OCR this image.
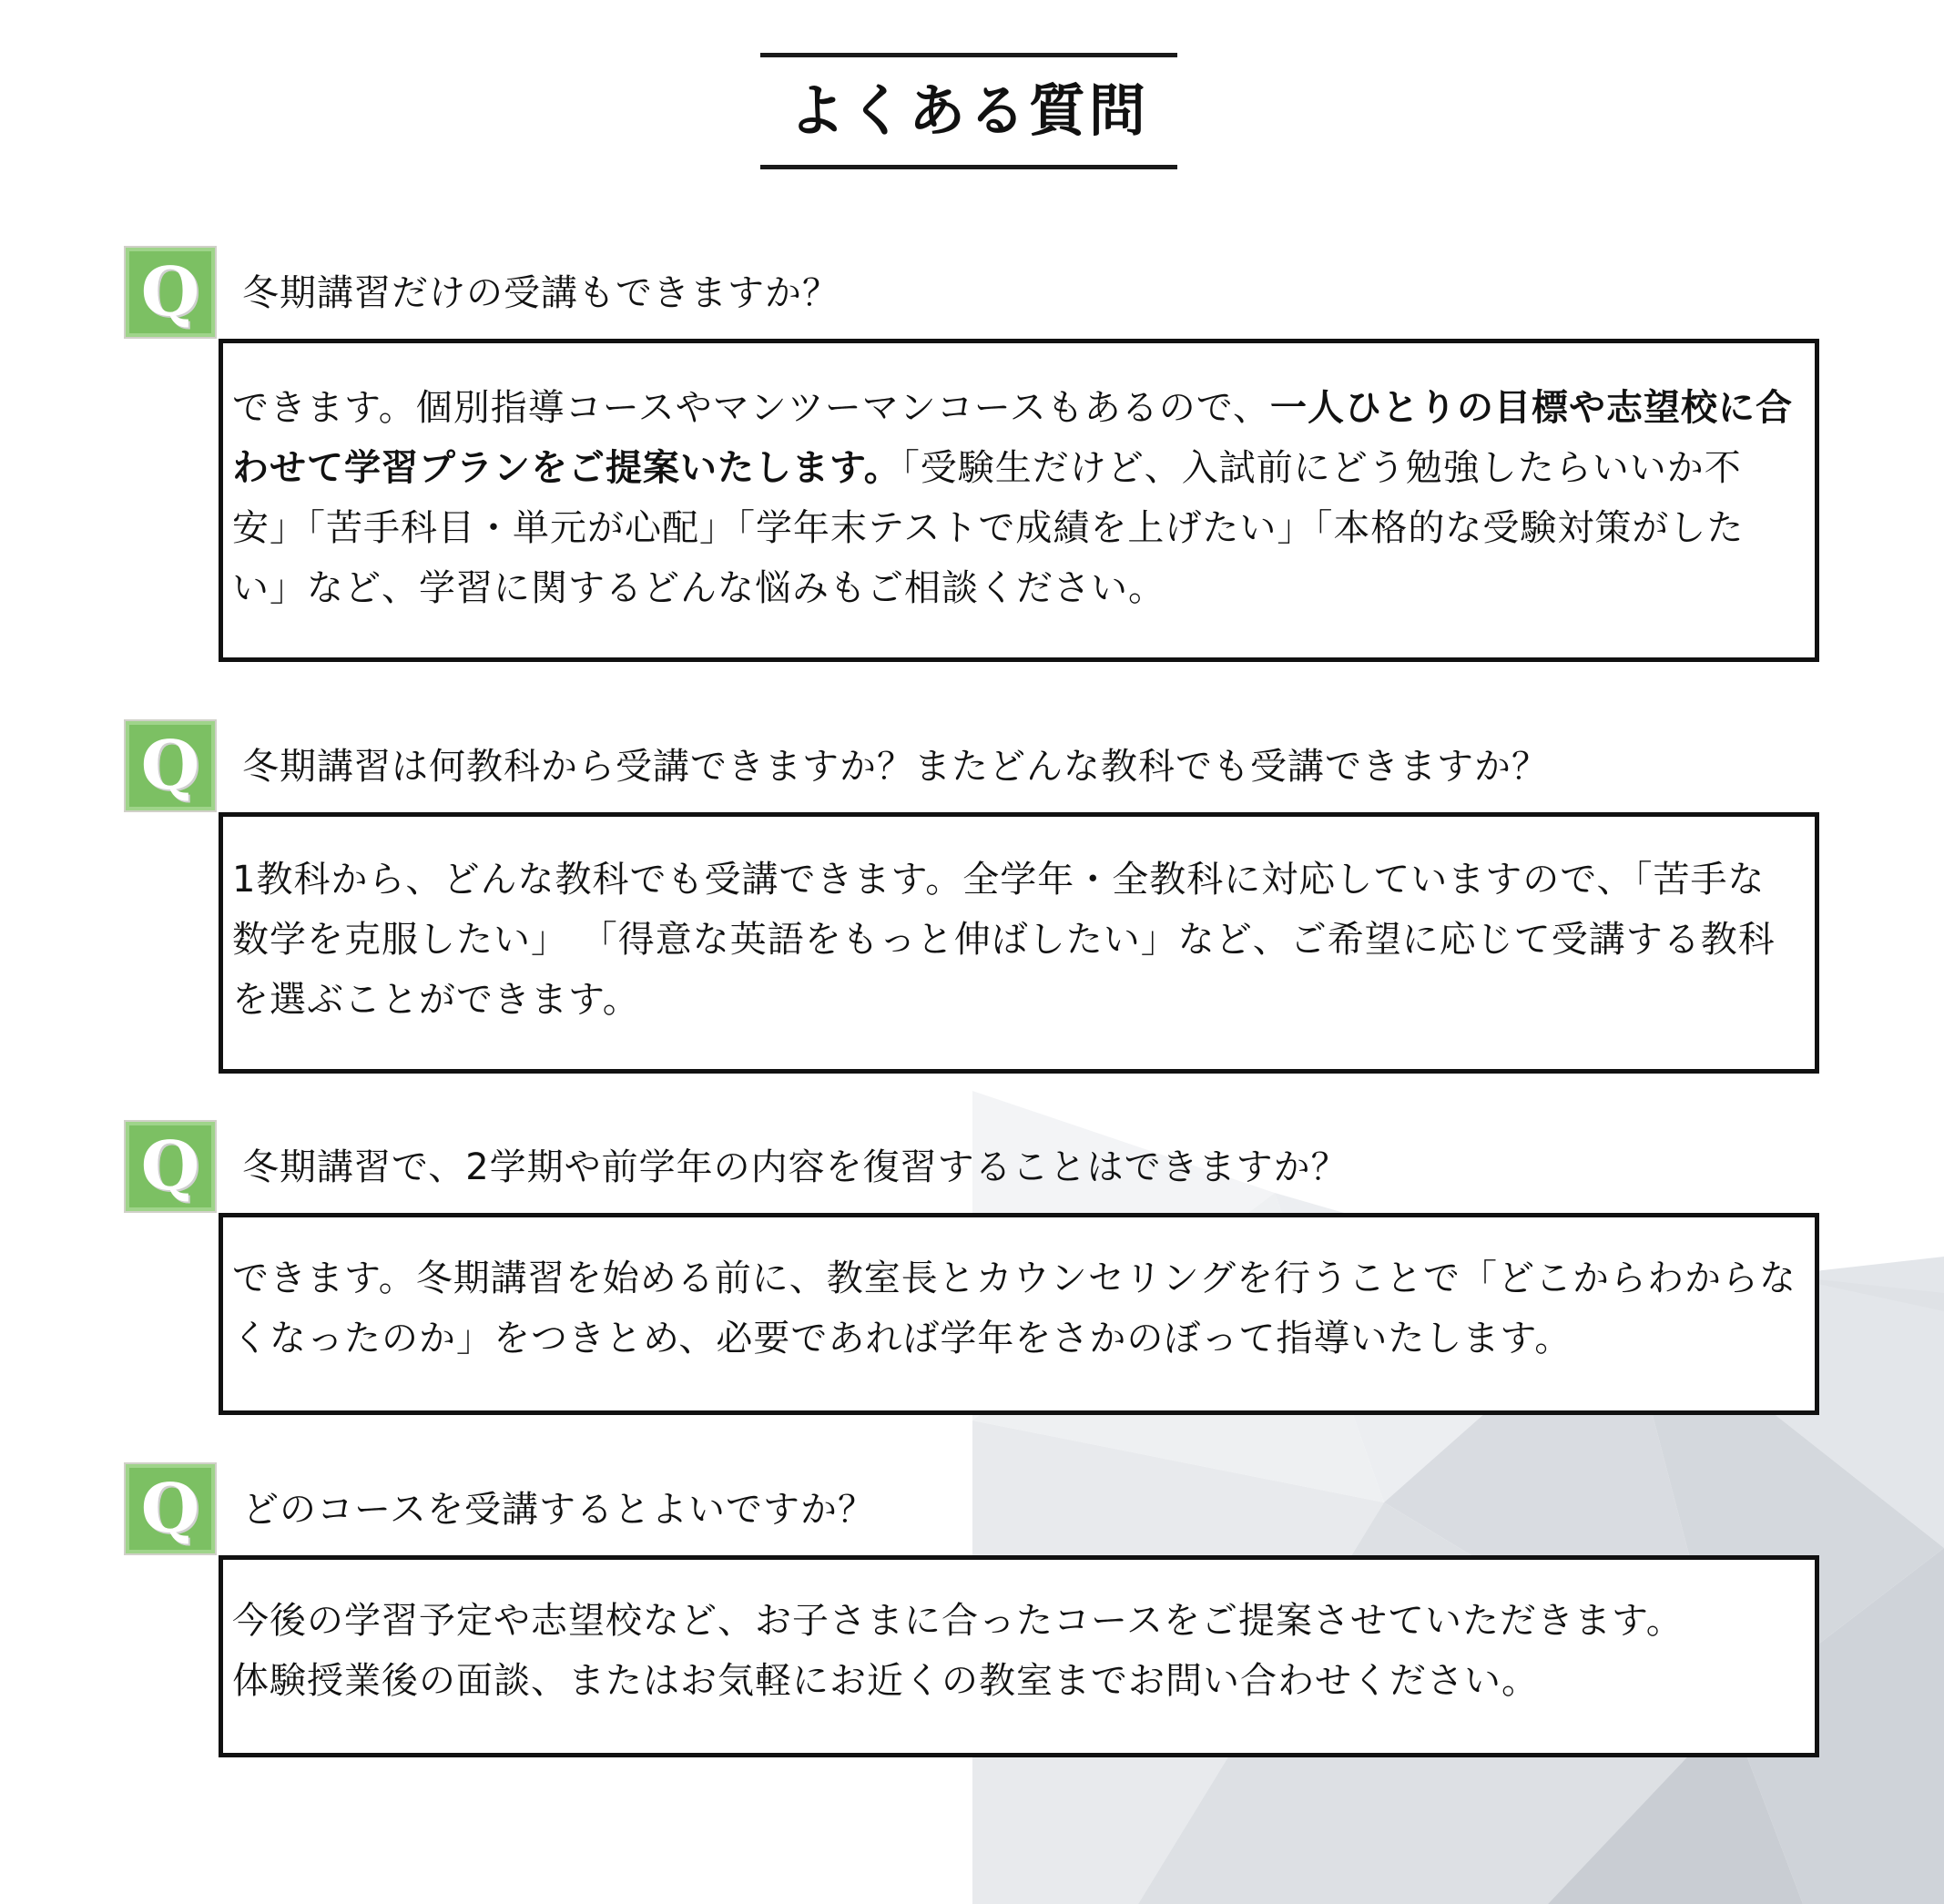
よくある質問
Q 冬期講習だけの受講もできますか？
できます。個別指導コースやマンツーマンコースもあるので、一人ひとりの目標や志望校に合わせて学習プランをご提案いたします。「受験生だけど、入試前にどう勉強したらいいか不安」「苦手科目・単元が心配」「学年末テストで成績を上げたい」「本格的な受験対策がしたい」など、学習に関するどんな悩みもご相談ください。
Q 冬期講習は何教科から受講できますか？またどんな教科でも受講できますか？
1教科から、どんな教科でも受講できます。全学年・全教科に対応していますので、「苦手な数学を克服したい」 「得意な英語をもっと伸ばしたい」など、ご希望に応じて受講する教科を選ぶことができます。
Q 冬期講習で、2学期や前学年の内容を復習することはできますか？
できます。冬期講習を始める前に、教室長とカウンセリングを行うことで「どこからわからなくなったのか」をつきとめ、必要であれば学年をさかのぼって指導いたします。
Q どのコースを受講するとよいですか？
今後の学習予定や志望校など、お子さまに合ったコースをご提案させていただきます。
体験授業後の面談、またはお気軽にお近くの教室までお問い合わせください。
